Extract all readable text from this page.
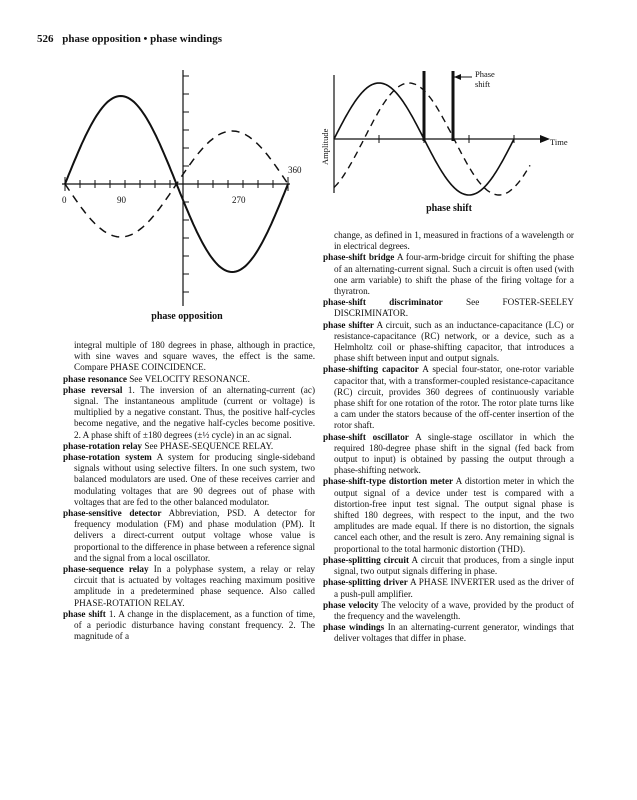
526 phase opposition • phase windings
0	90	270
360
phase opposition
Phase
shift
Time
Amplitude
phase shift

integral multiple of 180 degrees in phase, although in practice, with sine waves and square waves, the effect is the same. Compare PHASE COINCIDENCE.

phase resonance See VELOCITY RESONANCE.

phase reversal 1. The inversion of an alternating-current (ac) signal. The instantaneous amplitude (current or voltage) is multiplied by a negative constant. Thus, the positive half-cycles become negative, and the negative half-cycles become positive. 2. A phase shift of ±180 degrees (±½ cycle) in an ac signal.

phase-rotation relay See PHASE-SEQUENCE RELAY.

phase-rotation system A system for producing single-sideband signals without using selective filters. In one such system, two balanced modulators are used. One of these receives carrier and modulating voltages that are 90 degrees out of phase with voltages that are fed to the other balanced modulator.

phase-sensitive detector Abbreviation, PSD. A detector for frequency modulation (FM) and phase modulation (PM). It delivers a direct-current output voltage whose value is proportional to the difference in phase between a reference signal and the signal from a local oscillator.

phase-sequence relay In a polyphase system, a relay or relay circuit that is actuated by voltages reaching maximum positive amplitude in a predetermined phase sequence. Also called PHASE-ROTATION RELAY.

phase shift 1. A change in the displacement, as a function of time, of a periodic disturbance having constant frequency. 2. The magnitude of a

change, as defined in 1, measured in fractions of a wavelength or in electrical degrees.

phase-shift bridge A four-arm-bridge circuit for shifting the phase of an alternating-current signal. Such a circuit is often used (with one arm variable) to shift the phase of the firing voltage for a thyratron.

phase-shift discriminator	See FOSTER-SEELEY DISCRIMINATOR.

phase shifter A circuit, such as an inductance-capacitance (LC) or resistance-capacitance (RC) network, or a device, such as a Helmholtz coil or phase-shifting capacitor, that introduces a phase shift between input and output signals.

phase-shifting capacitor A special four-stator, one-rotor variable capacitor that, with a transformer-coupled resistance-capacitance (RC) circuit, provides 360 degrees of continuously variable phase shift for one rotation of the rotor. The rotor plate turns like a cam under the stators because of the off-center insertion of the rotor shaft.

phase-shift oscillator A single-stage oscillator in which the required 180-degree phase shift in the signal (fed back from output to input) is obtained by passing the output through a phase-shifting network.

phase-shift-type distortion meter A distortion meter in which the output signal of a device under test is compared with a distortion-free input test signal. The output signal phase is shifted 180 degrees, with respect to the input, and the two amplitudes are made equal. If there is no distortion, the signals cancel each other, and the result is zero. Any remaining signal is proportional to the total harmonic distortion (THD).

phase-splitting circuit A circuit that produces, from a single input signal, two output signals differing in phase.

phase-splitting driver A PHASE INVERTER used as the driver of a push-pull amplifier.

phase velocity The velocity of a wave, provided by the product of the frequency and the wavelength.

phase windings In an alternating-current generator, windings that deliver voltages that differ in phase.
